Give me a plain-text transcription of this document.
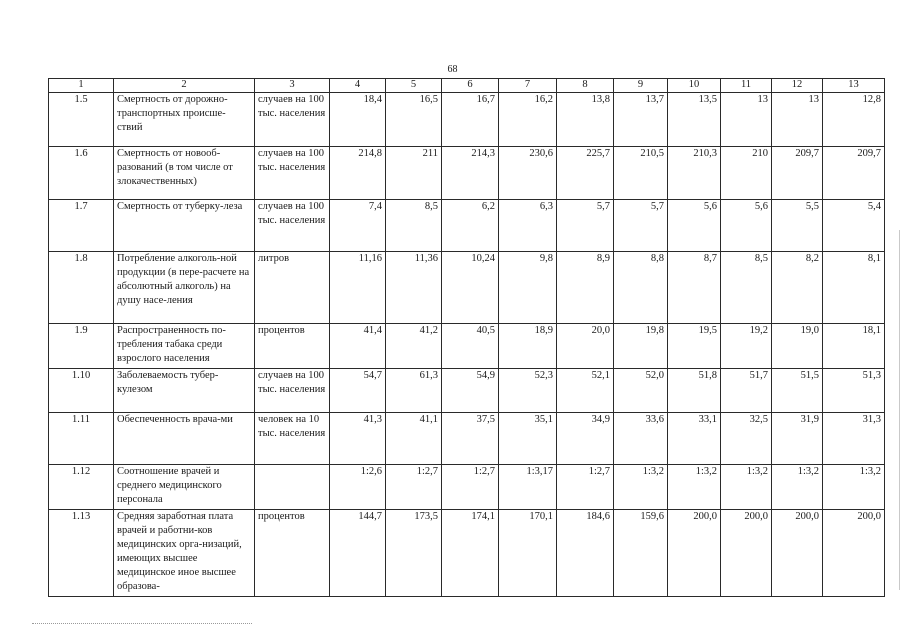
68
1	2	3	4	5	6	7	8	9	10	11	12	13
1.5	Смертность от дорожно-транспортных происше-ствий	случаев на 100 тыс. населения	18,4	16,5	16,7	16,2	13,8	13,7	13,5	13	13	12,8
1.6	Смертность от новооб-разований (в том числе от злокачественных)	случаев на 100 тыс. населения	214,8	211	214,3	230,6	225,7	210,5	210,3	210	209,7	209,7
1.7	Смертность от туберку-леза	случаев на 100 тыс. населения	7,4	8,5	6,2	6,3	5,7	5,7	5,6	5,6	5,5	5,4
1.8	Потребление алкоголь-ной продукции (в пере-расчете на абсолютный алкоголь) на душу насе-ления	литров	11,16	11,36	10,24	9,8	8,9	8,8	8,7	8,5	8,2	8,1
1.9	Распространенность по-требления табака среди взрослого населения	процентов	41,4	41,2	40,5	18,9	20,0	19,8	19,5	19,2	19,0	18,1
1.10	Заболеваемость тубер-кулезом	случаев на 100 тыс. населения	54,7	61,3	54,9	52,3	52,1	52,0	51,8	51,7	51,5	51,3
1.11	Обеспеченность врача-ми	человек на 10 тыс. населения	41,3	41,1	37,5	35,1	34,9	33,6	33,1	32,5	31,9	31,3
1.12	Соотношение врачей и среднего медицинского персонала		1:2,6	1:2,7	1:2,7	1:3,17	1:2,7	1:3,2	1:3,2	1:3,2	1:3,2	1:3,2
1.13	Средняя заработная плата врачей и работни-ков медицинских орга-низаций, имеющих высшее медицинское иное высшее образова-	процентов	144,7	173,5	174,1	170,1	184,6	159,6	200,0	200,0	200,0	200,0
